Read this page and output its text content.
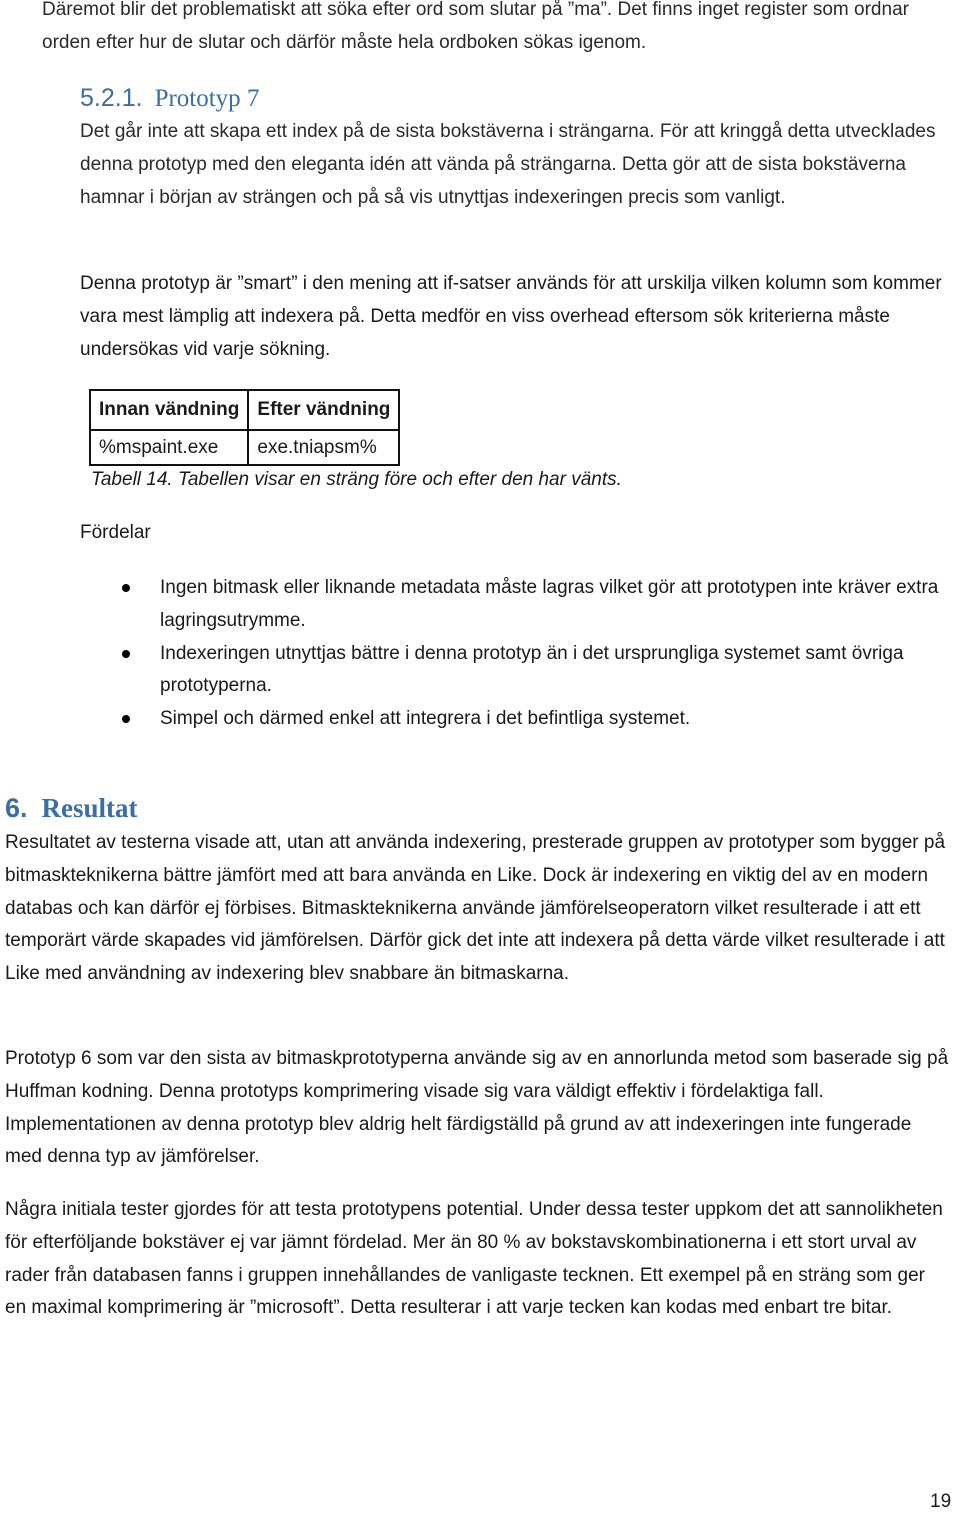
Däremot blir det problematiskt att söka efter ord som slutar på ”ma”. Det finns inget register som ordnar orden efter hur de slutar och därför måste hela ordboken sökas igenom.

5.2.1. Prototyp 7

Det går inte att skapa ett index på de sista bokstäverna i strängarna. För att kringgå detta utvecklades denna prototyp med den eleganta idén att vända på strängarna. Detta gör att de sista bokstäverna hamnar i början av strängen och på så vis utnyttjas indexeringen precis som vanligt.

Denna prototyp är ”smart” i den mening att if-satser används för att urskilja vilken kolumn som kommer vara mest lämplig att indexera på. Detta medför en viss overhead eftersom sök kriterierna måste undersökas vid varje sökning.

Innan vändning	Efter vändning
%mspaint.exe	exe.tniapsm%

Tabell 14. Tabellen visar en sträng före och efter den har vänts.

Fördelar

Ingen bitmask eller liknande metadata måste lagras vilket gör att prototypen inte kräver extra lagringsutrymme.
Indexeringen utnyttjas bättre i denna prototyp än i det ursprungliga systemet samt övriga prototyperna.
Simpel och därmed enkel att integrera i det befintliga systemet.
6. Resultat

Resultatet av testerna visade att, utan att använda indexering, presterade gruppen av prototyper som bygger på bitmaskteknikerna bättre jämfört med att bara använda en Like. Dock är indexering en viktig del av en modern databas och kan därför ej förbises. Bitmaskteknikerna använde jämförelseoperatorn vilket resulterade i att ett temporärt värde skapades vid jämförelsen. Därför gick det inte att indexera på detta värde vilket resulterade i att Like med användning av indexering blev snabbare än bitmaskarna.

Prototyp 6 som var den sista av bitmaskprototyperna använde sig av en annorlunda metod som baserade sig på Huffman kodning. Denna prototyps komprimering visade sig vara väldigt effektiv i fördelaktiga fall. Implementationen av denna prototyp blev aldrig helt färdigställd på grund av att indexeringen inte fungerade med denna typ av jämförelser.

Några initiala tester gjordes för att testa prototypens potential. Under dessa tester uppkom det att sannolikheten för efterföljande bokstäver ej var jämnt fördelad. Mer än 80 % av bokstavskombinationerna i ett stort urval av rader från databasen fanns i gruppen innehållandes de vanligaste tecknen. Ett exempel på en sträng som ger en maximal komprimering är ”microsoft”. Detta resulterar i att varje tecken kan kodas med enbart tre bitar.

19
